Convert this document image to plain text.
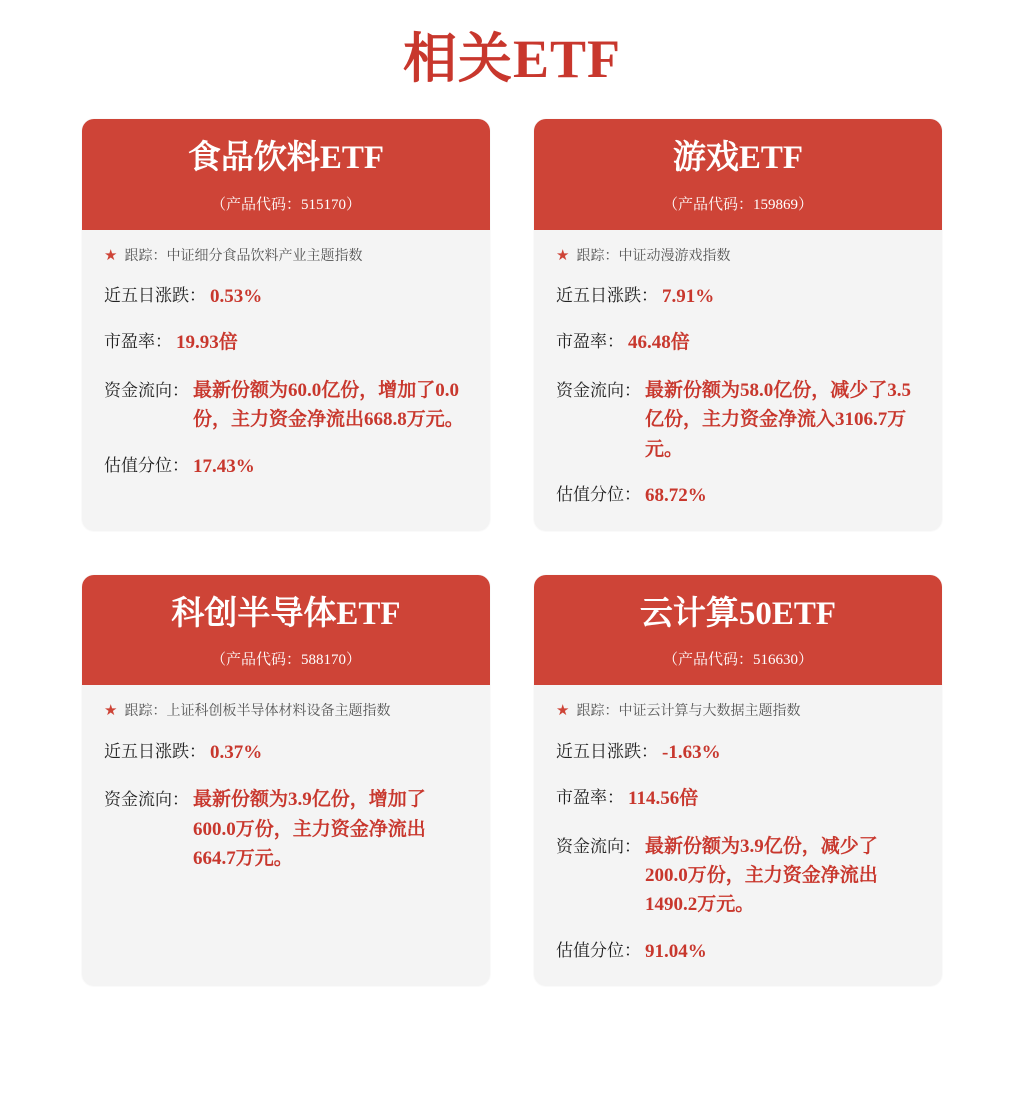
相关ETF
食品饮料ETF
（产品代码：515170）
★ 跟踪：中证细分食品饮料产业主题指数
近五日涨跌： 0.53%
市盈率： 19.93倍
资金流向： 最新份额为60.0亿份，增加了0.0份，主力资金净流出668.8万元。
估值分位： 17.43%
游戏ETF
（产品代码：159869）
★ 跟踪：中证动漫游戏指数
近五日涨跌： 7.91%
市盈率： 46.48倍
资金流向： 最新份额为58.0亿份，减少了3.5亿份，主力资金净流入3106.7万元。
估值分位： 68.72%
科创半导体ETF
（产品代码：588170）
★ 跟踪：上证科创板半导体材料设备主题指数
近五日涨跌： 0.37%
资金流向： 最新份额为3.9亿份，增加了600.0万份，主力资金净流出664.7万元。
云计算50ETF
（产品代码：516630）
★ 跟踪：中证云计算与大数据主题指数
近五日涨跌： -1.63%
市盈率： 114.56倍
资金流向： 最新份额为3.9亿份，减少了200.0万份，主力资金净流出1490.2万元。
估值分位： 91.04%
